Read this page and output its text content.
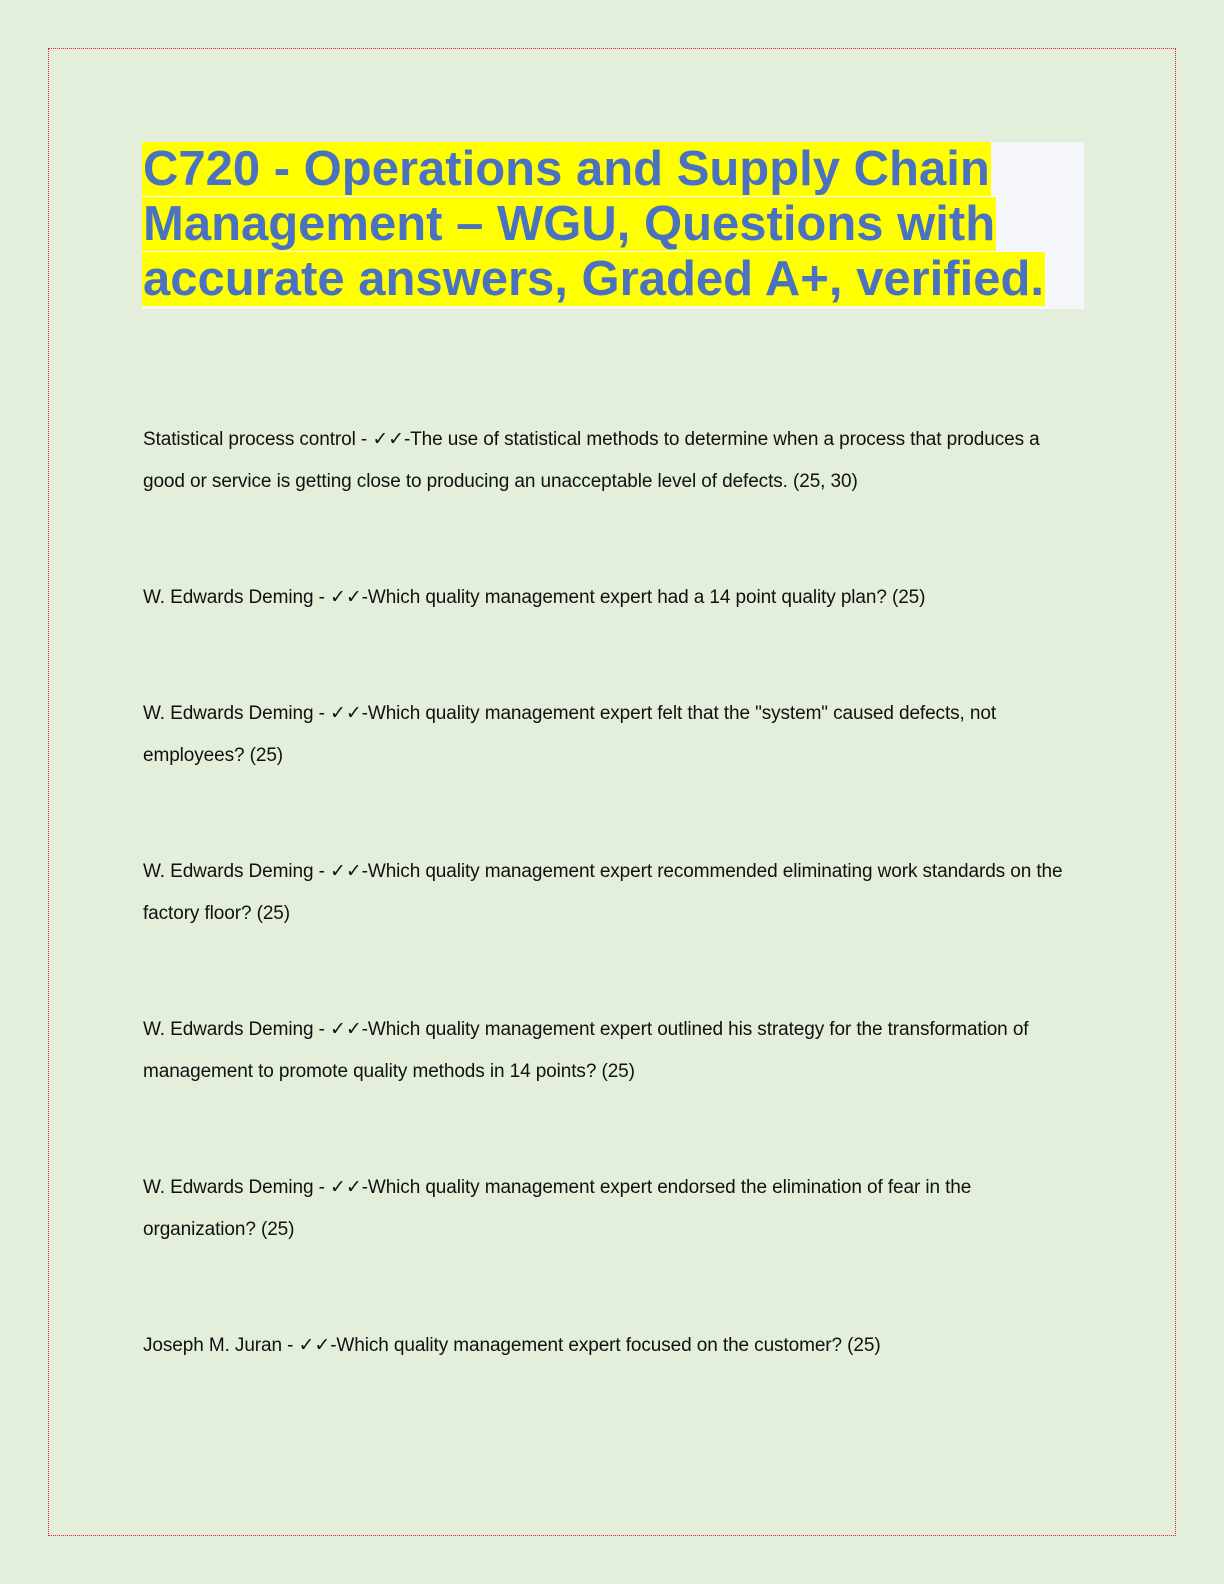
C720 - Operations and Supply Chain
Management – WGU, Questions with
accurate answers, Graded A+, verified.

Statistical process control - ✓✓-The use of statistical methods to determine when a process that produces a good or service is getting close to producing an unacceptable level of defects. (25, 30)

W. Edwards Deming - ✓✓-Which quality management expert had a 14 point quality plan? (25)

W. Edwards Deming - ✓✓-Which quality management expert felt that the "system" caused defects, not employees? (25)

W. Edwards Deming - ✓✓-Which quality management expert recommended eliminating work standards on the factory floor? (25)

W. Edwards Deming - ✓✓-Which quality management expert outlined his strategy for the transformation of management to promote quality methods in 14 points? (25)

W. Edwards Deming - ✓✓-Which quality management expert endorsed the elimination of fear in the organization? (25)

Joseph M. Juran - ✓✓-Which quality management expert focused on the customer? (25)
